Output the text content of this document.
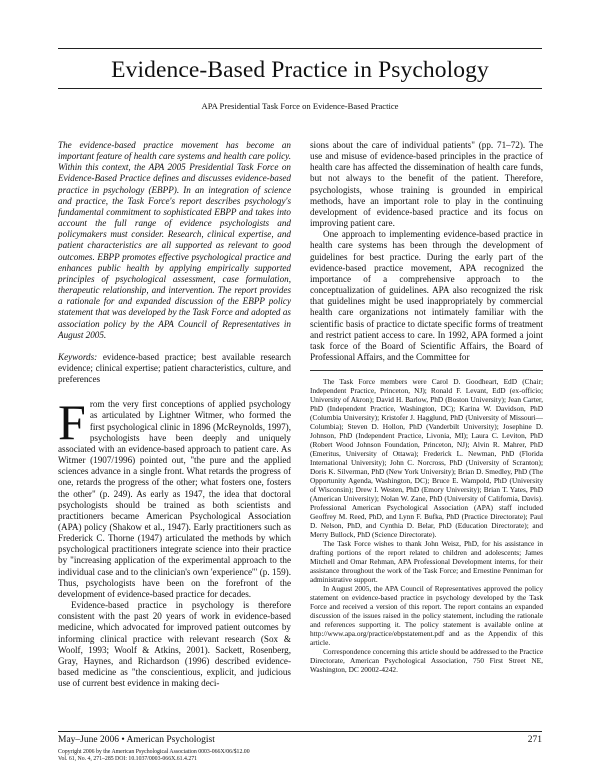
Evidence-Based Practice in Psychology
APA Presidential Task Force on Evidence-Based Practice

The evidence-based practice movement has become an important feature of health care systems and health care policy. Within this context, the APA 2005 Presidential Task Force on Evidence-Based Practice defines and discusses evidence-based practice in psychology (EBPP). In an integration of science and practice, the Task Force's report describes psychology's fundamental commitment to sophisticated EBPP and takes into account the full range of evidence psychologists and policymakers must consider. Research, clinical expertise, and patient characteristics are all supported as relevant to good outcomes. EBPP promotes effective psychological practice and enhances public health by applying empirically supported principles of psychological assessment, case formulation, therapeutic relationship, and intervention. The report provides a rationale for and expanded discussion of the EBPP policy statement that was developed by the Task Force and adopted as association policy by the APA Council of Representatives in August 2005.

Keywords: evidence-based practice; best available research evidence; clinical expertise; patient characteristics, culture, and preferences

From the very first conceptions of applied psychology as articulated by Lightner Witmer, who formed the first psychological clinic in 1896 (McReynolds, 1997), psychologists have been deeply and uniquely associated with an evidence-based approach to patient care. As Witmer (1907/1996) pointed out, "the pure and the applied sciences advance in a single front. What retards the progress of one, retards the progress of the other; what fosters one, fosters the other" (p. 249). As early as 1947, the idea that doctoral psychologists should be trained as both scientists and practitioners became American Psychological Association (APA) policy (Shakow et al., 1947). Early practitioners such as Frederick C. Thorne (1947) articulated the methods by which psychological practitioners integrate science into their practice by "increasing application of the experimental approach to the individual case and to the clinician's own 'experience'" (p. 159). Thus, psychologists have been on the forefront of the development of evidence-based practice for decades.

Evidence-based practice in psychology is therefore consistent with the past 20 years of work in evidence-based medicine, which advocated for improved patient outcomes by informing clinical practice with relevant research (Sox & Woolf, 1993; Woolf & Atkins, 2001). Sackett, Rosenberg, Gray, Haynes, and Richardson (1996) described evidence-based medicine as "the conscientious, explicit, and judicious use of current best evidence in making deci-

sions about the care of individual patients" (pp. 71–72). The use and misuse of evidence-based principles in the practice of health care has affected the dissemination of health care funds, but not always to the benefit of the patient. Therefore, psychologists, whose training is grounded in empirical methods, have an important role to play in the continuing development of evidence-based practice and its focus on improving patient care.

One approach to implementing evidence-based practice in health care systems has been through the development of guidelines for best practice. During the early part of the evidence-based practice movement, APA recognized the importance of a comprehensive approach to the conceptualization of guidelines. APA also recognized the risk that guidelines might be used inappropriately by commercial health care organizations not intimately familiar with the scientific basis of practice to dictate specific forms of treatment and restrict patient access to care. In 1992, APA formed a joint task force of the Board of Scientific Affairs, the Board of Professional Affairs, and the Committee for

The Task Force members were Carol D. Goodheart, EdD (Chair; Independent Practice, Princeton, NJ); Ronald F. Levant, EdD (ex-officio; University of Akron); David H. Barlow, PhD (Boston University); Jean Carter, PhD (Independent Practice, Washington, DC); Karina W. Davidson, PhD (Columbia University); Kristofer J. Hagglund, PhD (University of Missouri—Columbia); Steven D. Hollon, PhD (Vanderbilt University); Josephine D. Johnson, PhD (Independent Practice, Livonia, MI); Laura C. Leviton, PhD (Robert Wood Johnson Foundation, Princeton, NJ); Alvin R. Mahrer, PhD (Emeritus, University of Ottawa); Frederick L. Newman, PhD (Florida International University); John C. Norcross, PhD (University of Scranton); Doris K. Silverman, PhD (New York University); Brian D. Smedley, PhD (The Opportunity Agenda, Washington, DC); Bruce E. Wampold, PhD (University of Wisconsin); Drew I. Westen, PhD (Emory University); Brian T. Yates, PhD (American University); Nolan W. Zane, PhD (University of California, Davis). Professional American Psychological Association (APA) staff included Geoffrey M. Reed, PhD, and Lynn F. Bufka, PhD (Practice Directorate); Paul D. Nelson, PhD, and Cynthia D. Belar, PhD (Education Directorate); and Merry Bullock, PhD (Science Directorate).

The Task Force wishes to thank John Weisz, PhD, for his assistance in drafting portions of the report related to children and adolescents; James Mitchell and Omar Rehman, APA Professional Development interns, for their assistance throughout the work of the Task Force; and Ernestine Penniman for administrative support.

In August 2005, the APA Council of Representatives approved the policy statement on evidence-based practice in psychology developed by the Task Force and received a version of this report. The report contains an expanded discussion of the issues raised in the policy statement, including the rationale and references supporting it. The policy statement is available online at http://www.apa.org/practice/ebpstatement.pdf and as the Appendix of this article.

Correspondence concerning this article should be addressed to the Practice Directorate, American Psychological Association, 750 First Street NE, Washington, DC 20002-4242.

May–June 2006 • American Psychologist	271
Copyright 2006 by the American Psychological Association 0003-066X/06/$12.00
Vol. 61, No. 4, 271–285 DOI: 10.1037/0003-066X.61.4.271
